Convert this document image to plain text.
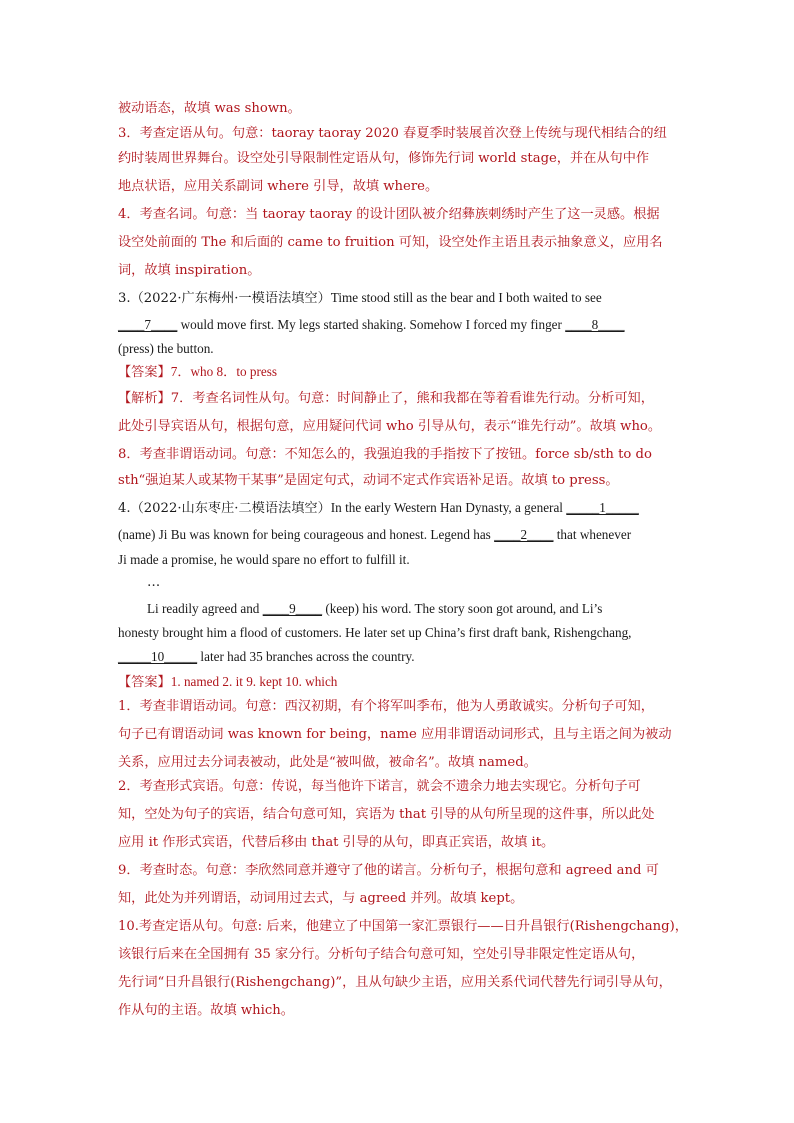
被动语态，故填 was shown。
3．考查定语从句。句意：taoray taoray 2020 春夏季时装展首次登上传统与现代相结合的纽
约时装周世界舞台。设空处引导限制性定语从句，修饰先行词 world stage，并在从句中作
地点状语，应用关系副词 where 引导，故填 where。
4．考查名词。句意：当 taoray taoray 的设计团队被介绍彝族刺绣时产生了这一灵感。根据
设空处前面的 The 和后面的 came to fruition 可知，设空处作主语且表示抽象意义，应用名
词，故填 inspiration。
3.（2022·广东梅州·一模语法填空）Time stood still as the bear and I both waited to see
____7____ would move first. My legs started shaking. Somehow I forced my finger ____8____
(press) the button.
【答案】7．who 8．to press
【解析】7．考查名词性从句。句意：时间静止了，熊和我都在等着看谁先行动。分析可知，
此处引导宾语从句，根据句意，应用疑问代词 who 引导从句，表示“谁先行动”。故填 who。
8．考查非谓语动词。句意：不知怎么的，我强迫我的手指按下了按钮。force sb/sth to do
sth“强迫某人或某物干某事”是固定句式，动词不定式作宾语补足语。故填 to press。
4.（2022·山东枣庄·二模语法填空）In the early Western Han Dynasty, a general _____1_____
(name) Ji Bu was known for being courageous and honest. Legend has ____2____ that whenever
Ji made a promise, he would spare no effort to fulfill it.
…
Li readily agreed and ____9____ (keep) his word. The story soon got around, and Li’s
honesty brought him a flood of customers. He later set up China’s first draft bank, Rishengchang,
_____10_____ later had 35 branches across the country.
【答案】1. named 2. it 9. kept 10. which
1．考查非谓语动词。句意：西汉初期，有个将军叫季布，他为人勇敢诚实。分析句子可知，
句子已有谓语动词 was known for being，name 应用非谓语动词形式，且与主语之间为被动
关系，应用过去分词表被动，此处是“被叫做，被命名”。故填 named。
2．考查形式宾语。句意：传说，每当他许下诺言，就会不遗余力地去实现它。分析句子可
知，空处为句子的宾语，结合句意可知，宾语为 that 引导的从句所呈现的这件事，所以此处
应用 it 作形式宾语，代替后移由 that 引导的从句，即真正宾语，故填 it。
9．考查时态。句意：李欣然同意并遵守了他的诺言。分析句子，根据句意和 agreed and 可
知，此处为并列谓语，动词用过去式，与 agreed 并列。故填 kept。
10.考查定语从句。句意: 后来，他建立了中国第一家汇票银行——日升昌银行(Rishengchang)，
该银行后来在全国拥有 35 家分行。分析句子结合句意可知，空处引导非限定性定语从句，
先行词“日升昌银行(Rishengchang)”，且从句缺少主语，应用关系代词代替先行词引导从句，
作从句的主语。故填 which。
